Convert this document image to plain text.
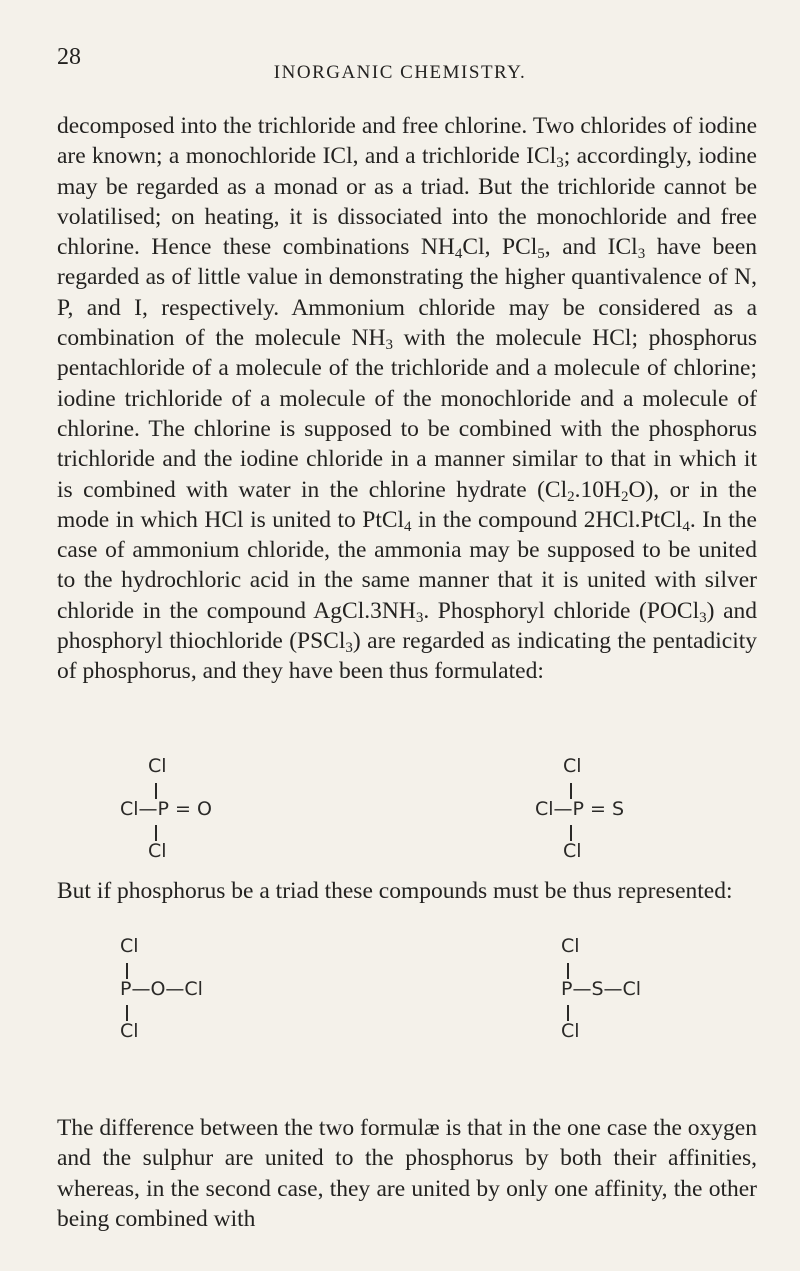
28
INORGANIC CHEMISTRY.

decomposed into the trichloride and free chlorine. Two chlorides of iodine are known; a monochloride ICl, and a trichloride ICl$_3$; accordingly, iodine may be regarded as a monad or as a triad. But the trichloride cannot be volatilised; on heating, it is dissociated into the monochloride and free chlorine. Hence these combinations $NH_4Cl$, PCl$_5$, and ICl$_3$ have been regarded as of little value in demonstrating the higher quantivalence of N, P, and I, respectively. Ammonium chloride may be considered as a combination of the molecule $NH_3$ with the molecule HCl; phosphorus pentachloride of a molecule of the trichloride and a molecule of chlorine; iodine trichloride of a molecule of the monochloride and a molecule of chlorine. The chlorine is supposed to be combined with the phosphorus trichloride and the iodine chloride in a manner similar to that in which it is combined with water in the chlorine hydrate $(Cl_2.10H_2O)$, or in the mode in which HCl is united to PtCl$_4$ in the compound 2HCl.PtCl$_4$. In the case of ammonium chloride, the ammonia may be supposed to be united to the hydrochloric acid in the same manner that it is united with silver chloride in the compound $AgCl.3NH_3$. Phosphoryl chloride (POCl$_3$) and phosphoryl thiochloride (PSCl$_3$) are regarded as indicating the pentadicity of phosphorus, and they have been thus formulated:

Cl
Cl—P = O
Cl
Cl
Cl—P = S
Cl

But if phosphorus be a triad these compounds must be thus represented:

Cl
P—O—Cl
Cl
Cl
P—S—Cl
Cl

The difference between the two formulæ is that in the one case the oxygen and the sulphur are united to the phosphorus by both their affinities, whereas, in the second case, they are united by only one affinity, the other being combined with
